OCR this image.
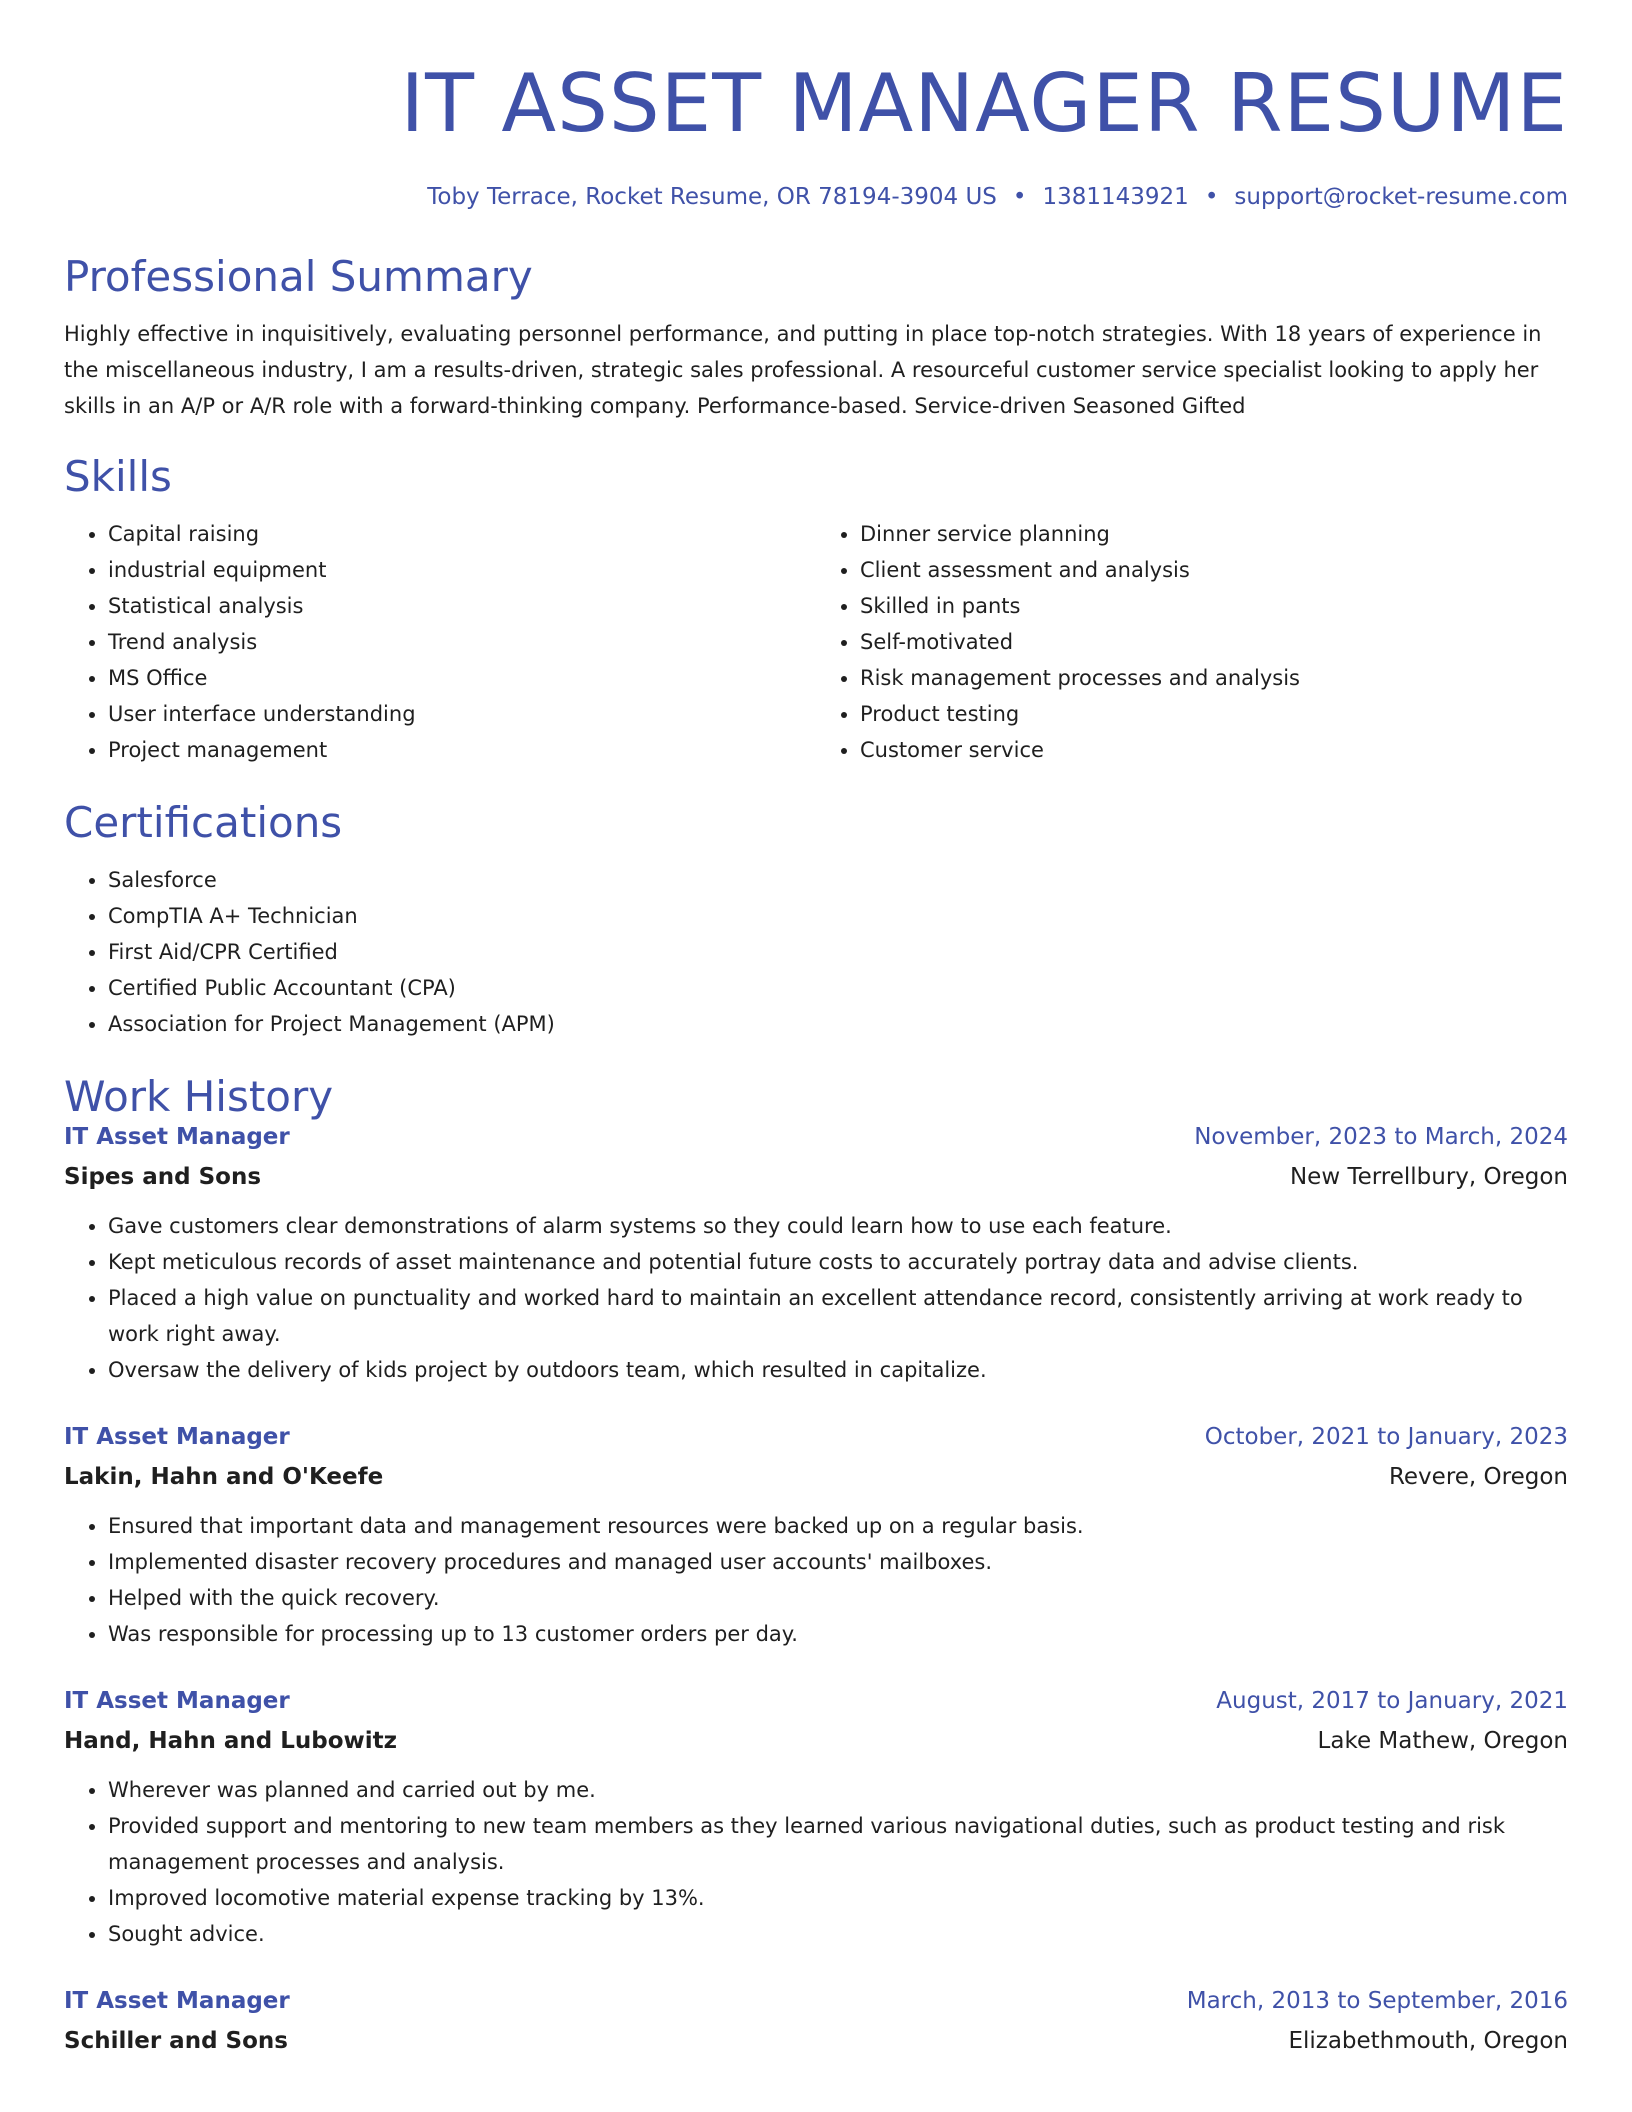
IT ASSET MANAGER RESUME
Toby Terrace, Rocket Resume, OR 78194-3904 US • 1381143921 • support@rocket-resume.com
Professional Summary
Highly effective in inquisitively, evaluating personnel performance, and putting in place top-notch strategies. With 18 years of experience in the miscellaneous industry, I am a results-driven, strategic sales professional. A resourceful customer service specialist looking to apply her skills in an A/P or A/R role with a forward-thinking company. Performance-based. Service-driven Seasoned Gifted
Skills
• Capital raising
• industrial equipment
• Statistical analysis
• Trend analysis
• MS Office
• User interface understanding
• Project management
• Dinner service planning
• Client assessment and analysis
• Skilled in pants
• Self-motivated
• Risk management processes and analysis
• Product testing
• Customer service
Certifications
• Salesforce
• CompTIA A+ Technician
• First Aid/CPR Certified
• Certified Public Accountant (CPA)
• Association for Project Management (APM)
Work History
IT Asset Manager	November, 2023 to March, 2024
Sipes and Sons	New Terrellbury, Oregon
• Gave customers clear demonstrations of alarm systems so they could learn how to use each feature.
• Kept meticulous records of asset maintenance and potential future costs to accurately portray data and advise clients.
• Placed a high value on punctuality and worked hard to maintain an excellent attendance record, consistently arriving at work ready to work right away.
• Oversaw the delivery of kids project by outdoors team, which resulted in capitalize.
IT Asset Manager	October, 2021 to January, 2023
Lakin, Hahn and O'Keefe	Revere, Oregon
• Ensured that important data and management resources were backed up on a regular basis.
• Implemented disaster recovery procedures and managed user accounts' mailboxes.
• Helped with the quick recovery.
• Was responsible for processing up to 13 customer orders per day.
IT Asset Manager	August, 2017 to January, 2021
Hand, Hahn and Lubowitz	Lake Mathew, Oregon
• Wherever was planned and carried out by me.
• Provided support and mentoring to new team members as they learned various navigational duties, such as product testing and risk management processes and analysis.
• Improved locomotive material expense tracking by 13%.
• Sought advice.
IT Asset Manager	March, 2013 to September, 2016
Schiller and Sons	Elizabethmouth, Oregon
